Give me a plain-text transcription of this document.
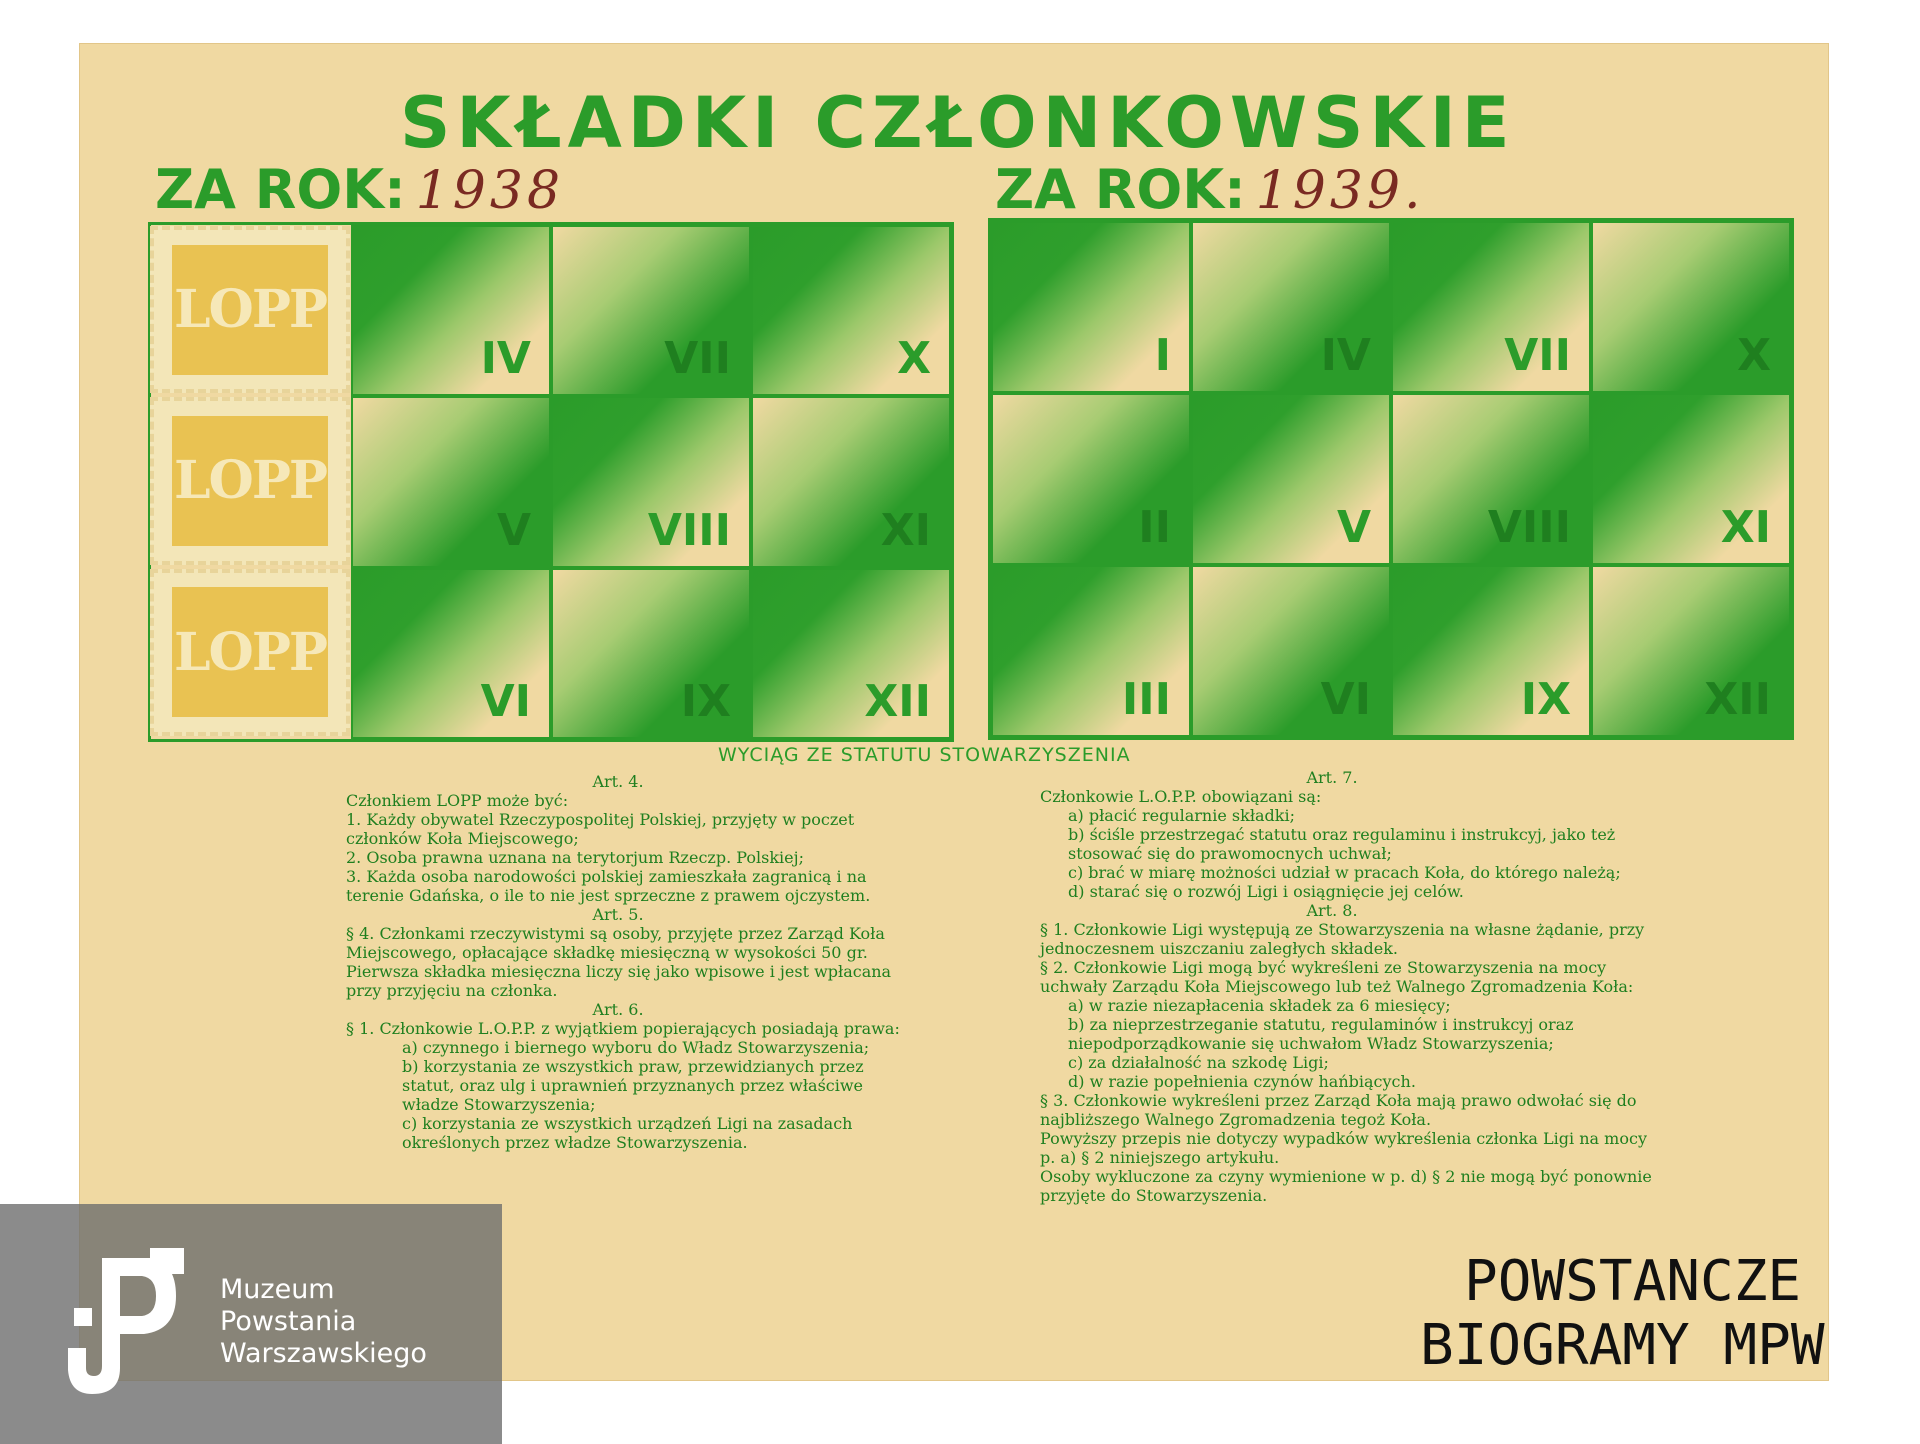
SKŁADKI CZŁONKOWSKIE
ZA ROK: 1938	ZA ROK: 1939.
IV	VII	X
V	VIII	XI
VI	IX	XII
LOPP
LOPP
LOPP
I	IV	VII	X
II	V	VIII	XI
III	VI	IX	XII
WYCIĄG ZE STATUTU STOWARZYSZENIA

Art. 4.

Członkiem LOPP może być:

1. Każdy obywatel Rzeczypospolitej Polskiej, przyjęty w poczet członków Koła Miejscowego;

2. Osoba prawna uznana na terytorjum Rzeczp. Polskiej;

3. Każda osoba narodowości polskiej zamieszkała zagranicą i na terenie Gdańska, o ile to nie jest sprzeczne z prawem ojczystem.

Art. 5.

§ 4. Członkami rzeczywistymi są osoby, przyjęte przez Zarząd Koła Miejscowego, opłacające składkę miesięczną w wysokości 50 gr. Pierwsza składka miesięczna liczy się jako wpisowe i jest wpłacana przy przyjęciu na członka.

Art. 6.

§ 1. Członkowie L.O.P.P. z wyjątkiem popierających posiadają prawa:

a) czynnego i biernego wyboru do Władz Stowarzyszenia;

b) korzystania ze wszystkich praw, przewidzianych przez statut, oraz ulg i uprawnień przyznanych przez właściwe władze Stowarzyszenia;

c) korzystania ze wszystkich urządzeń Ligi na zasadach określonych przez władze Stowarzyszenia.

Art. 7.

Członkowie L.O.P.P. obowiązani są:

a) płacić regularnie składki;

b) ściśle przestrzegać statutu oraz regulaminu i instrukcyj, jako też stosować się do prawomocnych uchwał;

c) brać w miarę możności udział w pracach Koła, do którego należą;

d) starać się o rozwój Ligi i osiągnięcie jej celów.

Art. 8.

§ 1. Członkowie Ligi występują ze Stowarzyszenia na własne żądanie, przy jednoczesnem uiszczaniu zaległych składek.

§ 2. Członkowie Ligi mogą być wykreśleni ze Stowarzyszenia na mocy uchwały Zarządu Koła Miejscowego lub też Walnego Zgromadzenia Koła:

a) w razie niezapłacenia składek za 6 miesięcy;

b) za nieprzestrzeganie statutu, regulaminów i instrukcyj oraz niepodporządkowanie się uchwałom Władz Stowarzyszenia;

c) za działalność na szkodę Ligi;

d) w razie popełnienia czynów hańbiących.

§ 3. Członkowie wykreśleni przez Zarząd Koła mają prawo odwołać się do najbliższego Walnego Zgromadzenia tegoż Koła.

Powyższy przepis nie dotyczy wypadków wykreślenia członka Ligi na mocy p. a) § 2 niniejszego artykułu.

Osoby wykluczone za czyny wymienione w p. d) § 2 nie mogą być ponownie przyjęte do Stowarzyszenia.

Muzeum
Powstania
Warszawskiego
POWSTANCZE
BIOGRAMY MPW
